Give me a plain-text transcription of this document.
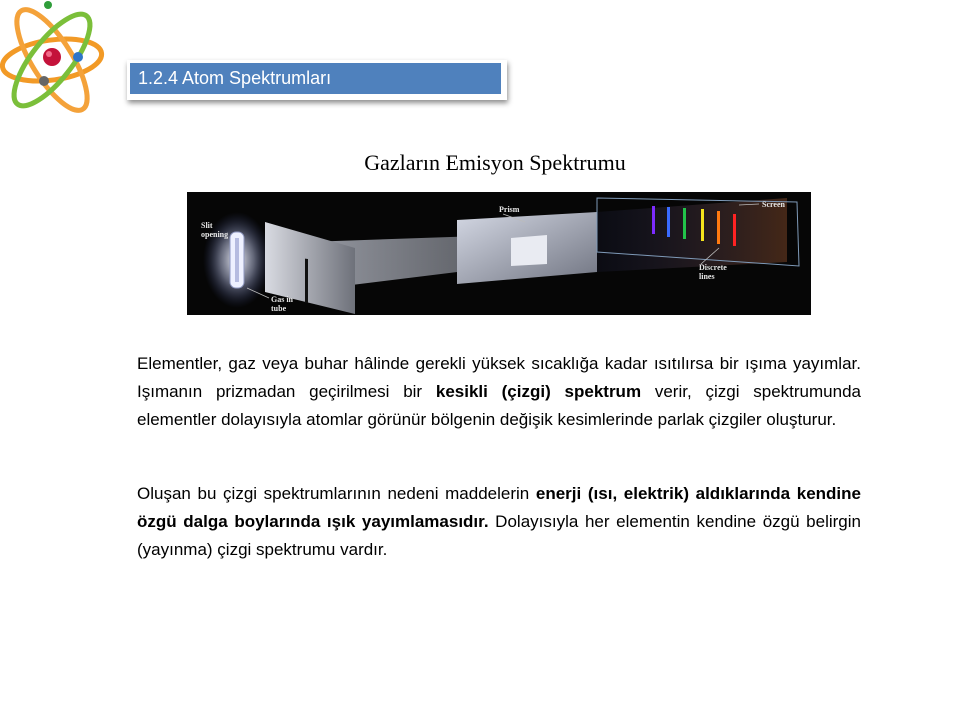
1.2.4 Atom Spektrumları
Gazların Emisyon Spektrumu
Slit
opening
Gas in
tube
Prism
Screen
Discrete
lines

Elementler, gaz veya buhar hâlinde gerekli yüksek sıcaklığa kadar ısıtılırsa bir ışıma yayımlar. Işımanın prizmadan geçirilmesi bir kesikli (çizgi) spektrum verir, çizgi spektrumunda elementler dolayısıyla atomlar görünür bölgenin değişik kesimlerinde parlak çizgiler oluşturur.

Oluşan bu çizgi spektrumlarının nedeni maddelerin enerji (ısı, elektrik) aldıklarında kendine özgü dalga boylarında ışık yayımlamasıdır. Dolayısıyla her elementin kendine özgü belirgin (yayınma) çizgi spektrumu vardır.
